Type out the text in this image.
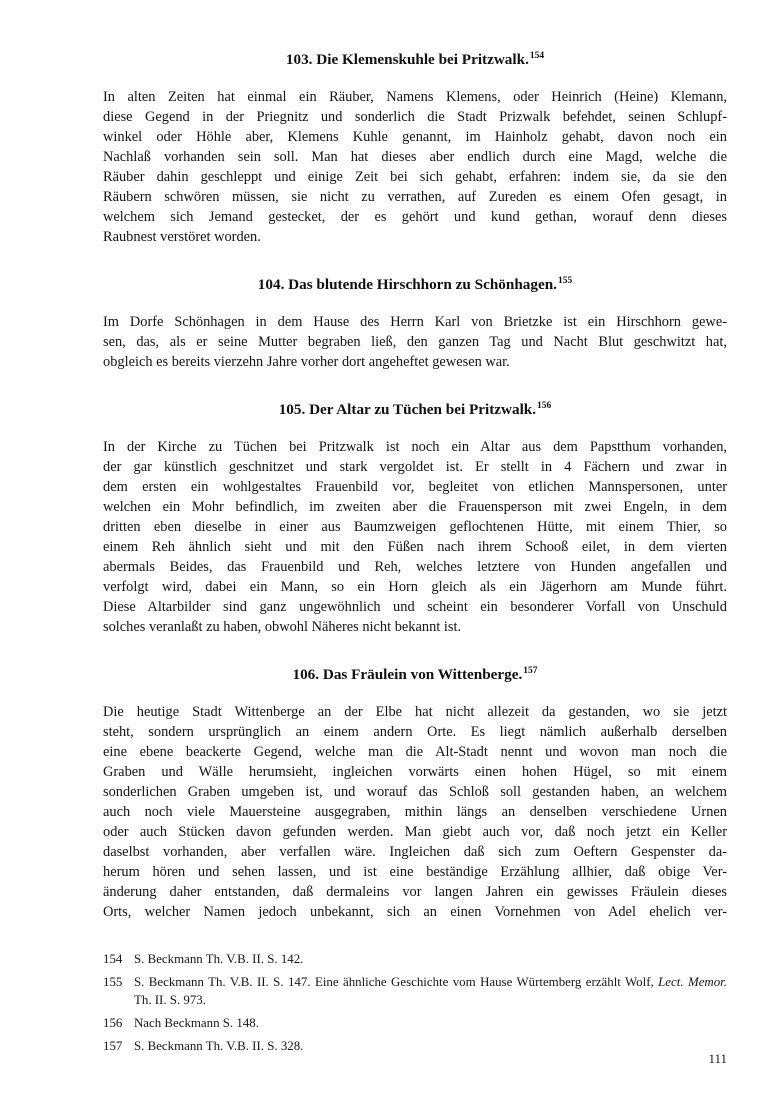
103. Die Klemenskuhle bei Pritzwalk.$^{154}$
In alten Zeiten hat einmal ein Räuber, Namens Klemens, oder Heinrich (Heine) Klemann,
diese Gegend in der Priegnitz und sonderlich die Stadt Prizwalk befehdet, seinen Schlupf-
winkel oder Höhle aber, Klemens Kuhle genannt, im Hainholz gehabt, davon noch ein
Nachlaß vorhanden sein soll. Man hat dieses aber endlich durch eine Magd, welche die
Räuber dahin geschleppt und einige Zeit bei sich gehabt, erfahren: indem sie, da sie den
Räubern schwören müssen, sie nicht zu verrathen, auf Zureden es einem Ofen gesagt, in
welchem sich Jemand gestecket, der es gehört und kund gethan, worauf denn dieses
Raubnest verstöret worden.
104. Das blutende Hirschhorn zu Schönhagen.$^{155}$
Im Dorfe Schönhagen in dem Hause des Herrn Karl von Brietzke ist ein Hirschhorn gewe-
sen, das, als er seine Mutter begraben ließ, den ganzen Tag und Nacht Blut geschwitzt hat,
obgleich es bereits vierzehn Jahre vorher dort angeheftet gewesen war.
105. Der Altar zu Tüchen bei Pritzwalk.$^{156}$
In der Kirche zu Tüchen bei Pritzwalk ist noch ein Altar aus dem Papstthum vorhanden,
der gar künstlich geschnitzet und stark vergoldet ist. Er stellt in 4 Fächern und zwar in
dem ersten ein wohlgestaltes Frauenbild vor, begleitet von etlichen Mannspersonen, unter
welchen ein Mohr befindlich, im zweiten aber die Frauensperson mit zwei Engeln, in dem
dritten eben dieselbe in einer aus Baumzweigen geflochtenen Hütte, mit einem Thier, so
einem Reh ähnlich sieht und mit den Füßen nach ihrem Schooß eilet, in dem vierten
abermals Beides, das Frauenbild und Reh, welches letztere von Hunden angefallen und
verfolgt wird, dabei ein Mann, so ein Horn gleich als ein Jägerhorn am Munde führt.
Diese Altarbilder sind ganz ungewöhnlich und scheint ein besonderer Vorfall von Unschuld
solches veranlaßt zu haben, obwohl Näheres nicht bekannt ist.
106. Das Fräulein von Wittenberge.$^{157}$
Die heutige Stadt Wittenberge an der Elbe hat nicht allezeit da gestanden, wo sie jetzt
steht, sondern ursprünglich an einem andern Orte. Es liegt nämlich außerhalb derselben
eine ebene beackerte Gegend, welche man die Alt-Stadt nennt und wovon man noch die
Graben und Wälle herumsieht, ingleichen vorwärts einen hohen Hügel, so mit einem
sonderlichen Graben umgeben ist, und worauf das Schloß soll gestanden haben, an welchem
auch noch viele Mauersteine ausgegraben, mithin längs an denselben verschiedene Urnen
oder auch Stücken davon gefunden werden. Man giebt auch vor, daß noch jetzt ein Keller
daselbst vorhanden, aber verfallen wäre. Ingleichen daß sich zum Oeftern Gespenster da-
herum hören und sehen lassen, und ist eine beständige Erzählung allhier, daß obige Ver-
änderung daher entstanden, daß dermaleins vor langen Jahren ein gewisses Fräulein dieses
Orts, welcher Namen jedoch unbekannt, sich an einen Vornehmen von Adel ehelich ver-
154 S. Beckmann Th. V.B. II. S. 142.
155 S. Beckmann Th. V.B. II. S. 147. Eine ähnliche Geschichte vom Hause Würtemberg erzählt Wolf, Lect. Memor. Th. II. S. 973.
156 Nach Beckmann S. 148.
157 S. Beckmann Th. V.B. II. S. 328.
111
